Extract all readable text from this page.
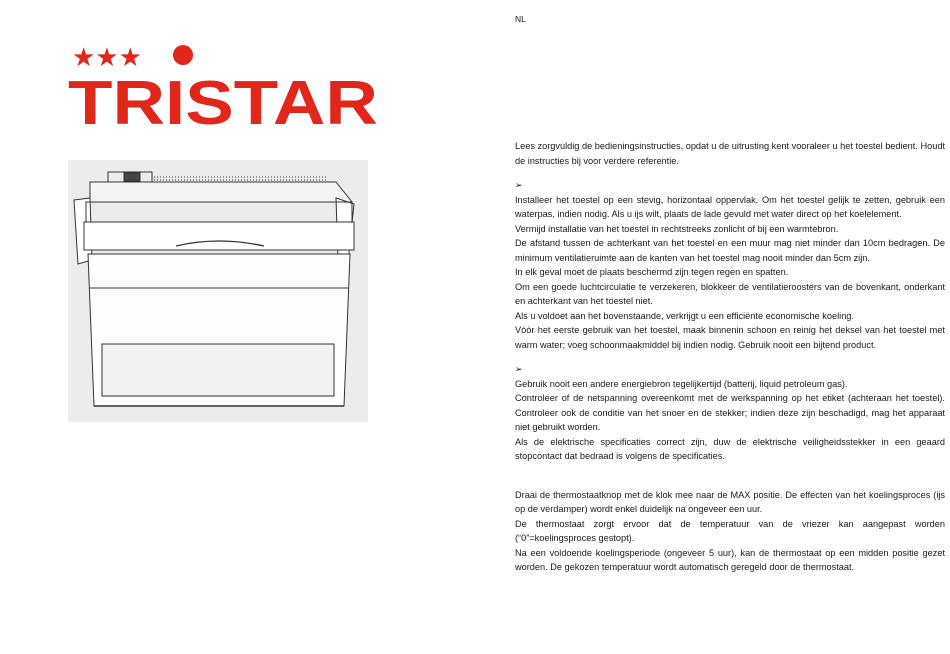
★★★
TRISTAR
NL

Lees zorgvuldig de bedieningsinstructies, opdat u de uitrusting kent vooraleer u het toestel bedient. Houdt de instructies bij voor verdere referentie.

➢

Installeer het toestel op een stevig, horizontaal oppervlak. Om het toestel gelijk te zetten, gebruik een waterpas, indien nodig. Als u ijs wilt, plaats de lade gevuld met water direct op het koelelement.

Vermijd installatie van het toestel in rechtstreeks zonlicht of bij een warmtebron.

De afstand tussen de achterkant van het toestel en een muur mag niet minder dan 10cm bedragen. De minimum ventilatieruimte aan de kanten van het toestel mag nooit minder dan 5cm zijn.

In elk geval moet de plaats beschermd zijn tegen regen en spatten.

Om een goede luchtcirculatie te verzekeren, blokkeer de ventilatieroosters van de bovenkant, onderkant en achterkant van het toestel niet.

Als u voldoet aan het bovenstaande, verkrijgt u een efficiënte economische koeling.

Vóór het eerste gebruik van het toestel, maak binnenin schoon en reinig het deksel van het toestel met warm water; voeg schoonmaakmiddel bij indien nodig. Gebruik nooit een bijtend product.

➢

Gebruik nooit een andere energiebron tegelijkertijd (batterij, liquid petroleum gas).

Controleer of de netspanning overeenkomt met de werkspanning op het etiket (achteraan het toestel). Controleer ook de conditie van het snoer en de stekker; indien deze zijn beschadigd, mag het apparaat niet gebruikt worden.

Als de elektrische specificaties correct zijn, duw de elektrische veiligheidsstekker in een geaard stopcontact dat bedraad is volgens de specificaties.

Draai de thermostaatknop met de klok mee naar de MAX positie. De effecten van het koelingsproces (ijs op de verdamper) wordt enkel duidelijk na ongeveer een uur.

De thermostaat zorgt ervoor dat de temperatuur van de vriezer kan aangepast worden (“0”=koelingsproces gestopt).

Na een voldoende koelingsperiode (ongeveer 5 uur), kan de thermostaat op een midden positie gezet worden. De gekozen temperatuur wordt automatisch geregeld door de thermostaat.
